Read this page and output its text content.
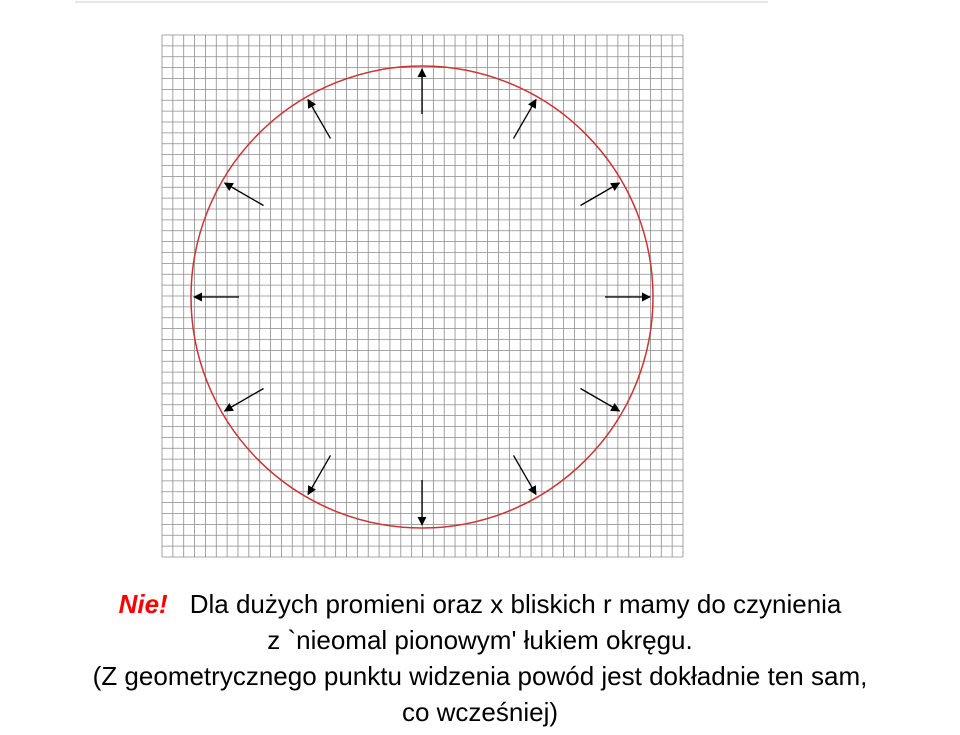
Nie! Dla dużych promieni oraz x bliskich r mamy do czynienia
z `nieomal pionowym' łukiem okręgu.
(Z geometrycznego punktu widzenia powód jest dokładnie ten sam,
co wcześniej)
